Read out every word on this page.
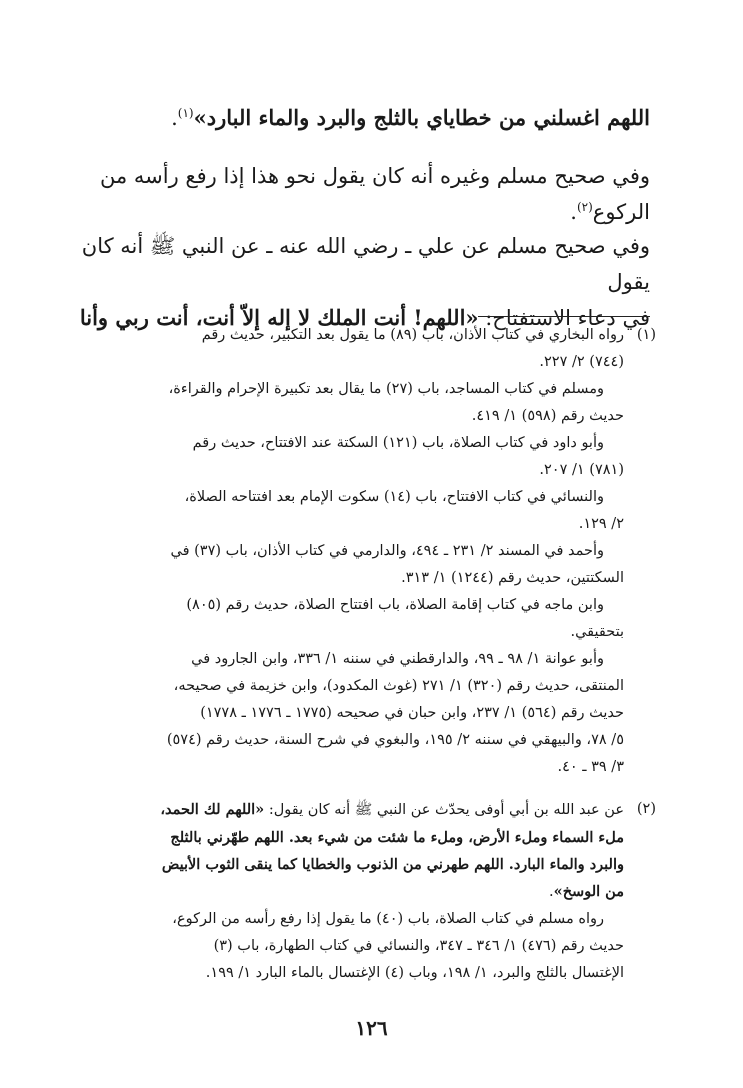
اللهم اغسلني من خطاياي بالثلج والبرد والماء البارد»$^{(١)}$.
وفي صحيح مسلم وغيره أنه كان يقول نحو هذا إذا رفع رأسه من
الركوع$^{(٢)}$.
وفي صحيح مسلم عن علي ـ رضي الله عنه ـ عن النبي ﷺ أنه كان يقول
في دعاء الاستفتاح: «اللهم! أنت الملك لا إله إلاّ أنت، أنت ربي وأنا
(١)
رواه البخاري في كتاب الأذان، باب (٨٩) ما يقول بعد التكبير، حديث رقم
(٧٤٤) ٢/ ٢٢٧.
ومسلم في كتاب المساجد، باب (٢٧) ما يقال بعد تكبيرة الإحرام والقراءة،
حديث رقم (٥٩٨) ١/ ٤١٩.
وأبو داود في كتاب الصلاة، باب (١٢١) السكتة عند الافتتاح، حديث رقم
(٧٨١) ١/ ٢٠٧.
والنسائي في كتاب الافتتاح، باب (١٤) سكوت الإمام بعد افتتاحه الصلاة،
٢/ ١٢٩.
وأحمد في المسند ٢/ ٢٣١ ـ ٤٩٤، والدارمي في كتاب الأذان، باب (٣٧) في
السكتتين، حديث رقم (١٢٤٤) ١/ ٣١٣.
وابن ماجه في كتاب إقامة الصلاة، باب افتتاح الصلاة، حديث رقم (٨٠٥)
بتحقيقي.
وأبو عوانة ١/ ٩٨ ـ ٩٩، والدارقطني في سننه ١/ ٣٣٦، وابن الجارود في
المنتقى، حديث رقم (٣٢٠) ١/ ٢٧١ (غوث المكدود)، وابن خزيمة في صحيحه،
حديث رقم (٥٦٤) ١/ ٢٣٧، وابن حبان في صحيحه (١٧٧٥ ـ ١٧٧٦ ـ ١٧٧٨)
٥/ ٧٨، والبيهقي في سننه ٢/ ١٩٥، والبغوي في شرح السنة، حديث رقم (٥٧٤)
٣/ ٣٩ ـ ٤٠.
(٢)
عن عبد الله بن أبي أوفى يحدّث عن النبي ﷺ أنه كان يقول: «اللهم لك الحمد،
ملء السماء وملء الأرض، وملء ما شئت من شيء بعد. اللهم طهّرني بالثلج
والبرد والماء البارد. اللهم طهرني من الذنوب والخطايا كما ينقى الثوب الأبيض
من الوسخ».
رواه مسلم في كتاب الصلاة، باب (٤٠) ما يقول إذا رفع رأسه من الركوع،
حديث رقم (٤٧٦) ١/ ٣٤٦ ـ ٣٤٧، والنسائي في كتاب الطهارة، باب (٣)
الإغتسال بالثلج والبرد، ١/ ١٩٨، وباب (٤) الإغتسال بالماء البارد ١/ ١٩٩.
١٢٦
